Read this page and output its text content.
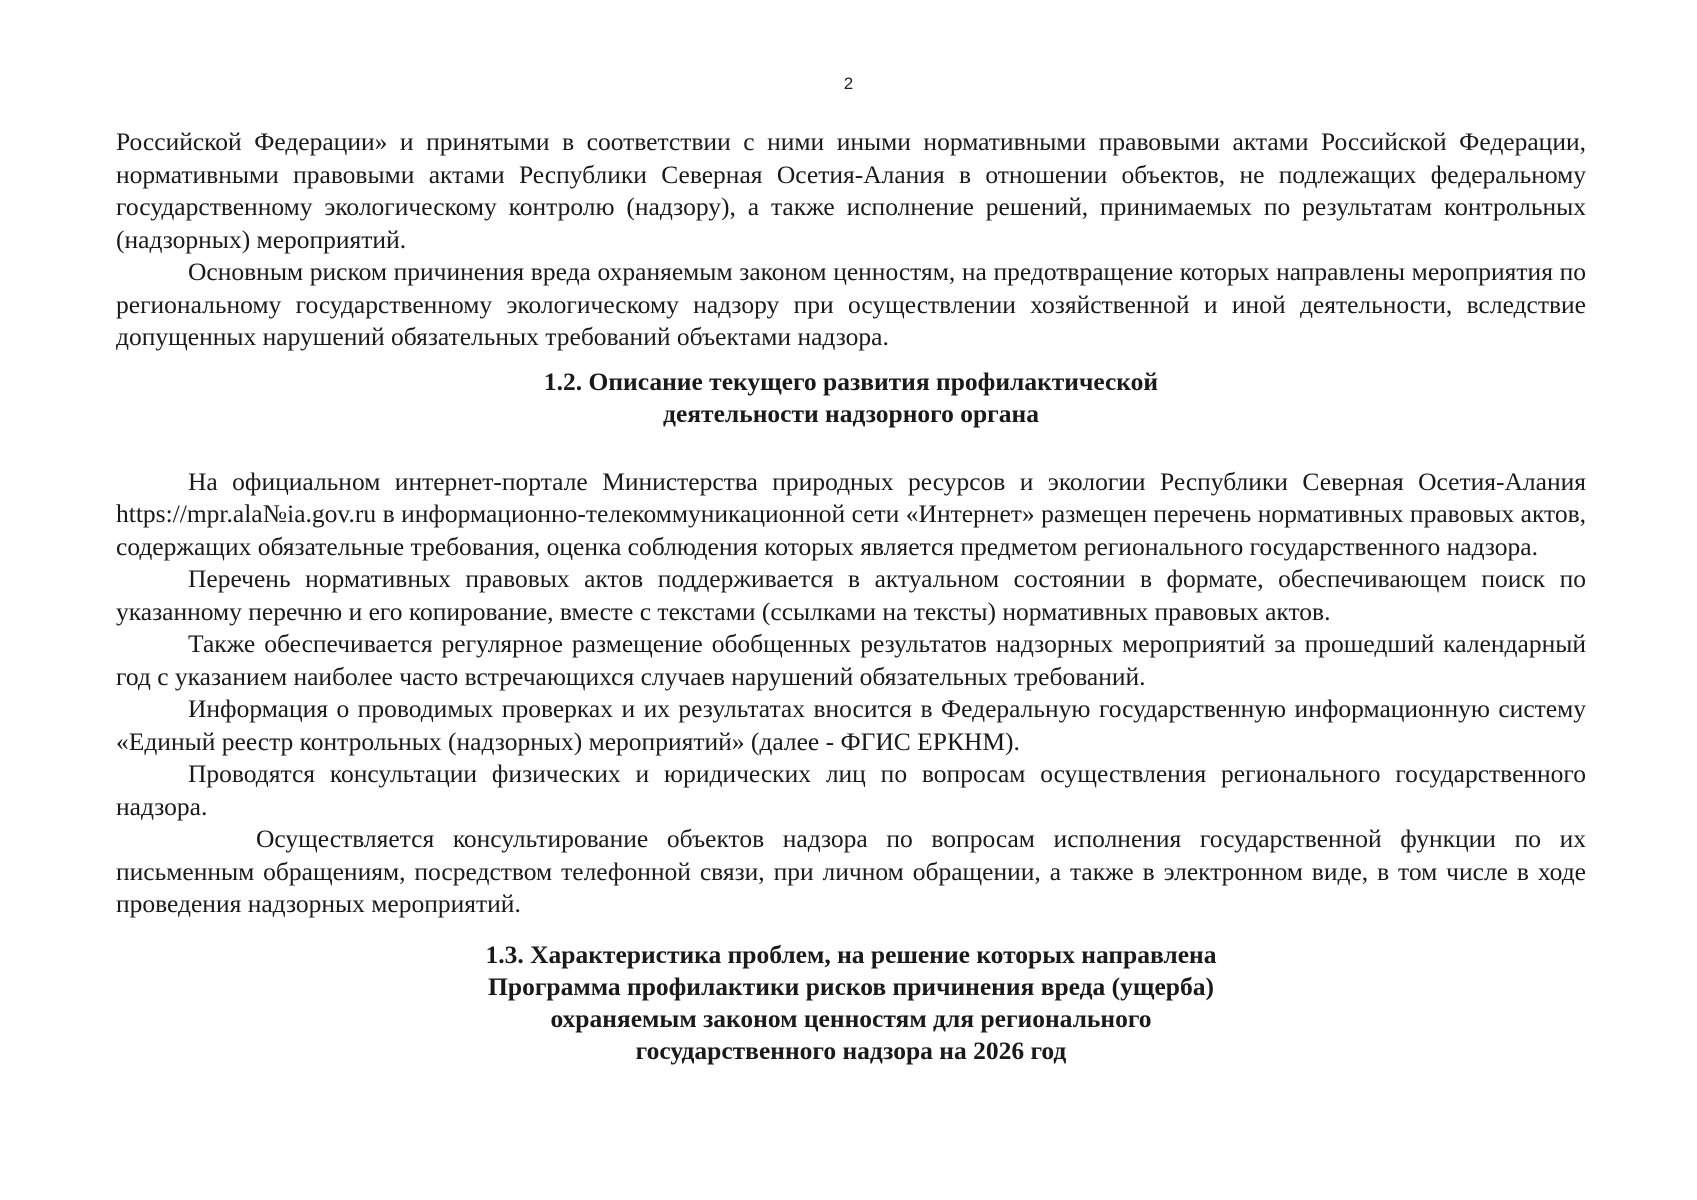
2

Российской Федерации» и принятыми в соответствии с ними иными нормативными правовыми актами Российской Федерации, нормативными правовыми актами Республики Северная Осетия-Алания в отношении объектов, не подлежащих федеральному государственному экологическому контролю (надзору), а также исполнение решений, принимаемых по результатам контрольных (надзорных) мероприятий.

Основным риском причинения вреда охраняемым законом ценностям, на предотвращение которых направлены мероприятия по региональному государственному экологическому надзору при осуществлении хозяйственной и иной деятельности, вследствие допущенных нарушений обязательных требований объектами надзора.

1.2. Описание текущего развития профилактической
деятельности надзорного органа

На официальном интернет-портале Министерства природных ресурсов и экологии Республики Северная Осетия-Алания https://mpr.ala№ia.gov.ru в информационно-телекоммуникационной сети «Интернет» размещен перечень нормативных правовых актов, содержащих обязательные требования, оценка соблюдения которых является предметом регионального государственного надзора.

Перечень нормативных правовых актов поддерживается в актуальном состоянии в формате, обеспечивающем поиск по указанному перечню и его копирование, вместе с текстами (ссылками на тексты) нормативных правовых актов.

Также обеспечивается регулярное размещение обобщенных результатов надзорных мероприятий за прошедший календарный год с указанием наиболее часто встречающихся случаев нарушений обязательных требований.

Информация о проводимых проверках и их результатах вносится в Федеральную государственную информационную систему «Единый реестр контрольных (надзорных) мероприятий» (далее - ФГИС ЕРКНМ).

Проводятся консультации физических и юридических лиц по вопросам осуществления регионального государственного надзора.

Осуществляется консультирование объектов надзора по вопросам исполнения государственной функции по их письменным обращениям, посредством телефонной связи, при личном обращении, а также в электронном виде, в том числе в ходе проведения надзорных мероприятий.

1.3. Характеристика проблем, на решение которых направлена
Программа профилактики рисков причинения вреда (ущерба)
охраняемым законом ценностям для регионального
государственного надзора на 2026 год
